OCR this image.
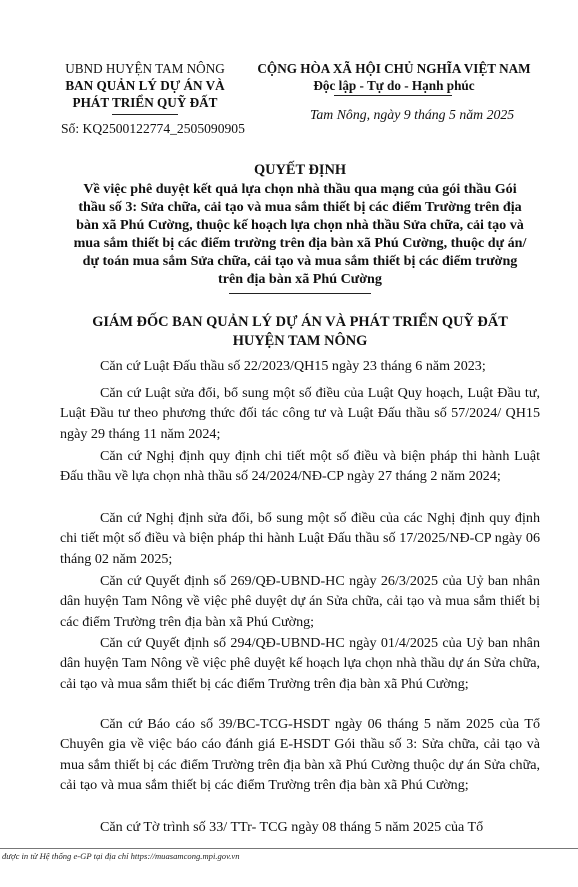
UBND HUYỆN TAM NÔNG
BAN QUẢN LÝ DỰ ÁN VÀ
PHÁT TRIỂN QUỸ ĐẤT
Số: KQ2500122774_2505090905
CỘNG HÒA XÃ HỘI CHỦ NGHĨA VIỆT NAM
Độc lập - Tự do - Hạnh phúc
Tam Nông, ngày 9 tháng 5 năm 2025
QUYẾT ĐỊNH
Về việc phê duyệt kết quả lựa chọn nhà thầu qua mạng của gói thầu Gói
thầu số 3: Sửa chữa, cải tạo và mua sắm thiết bị các điểm Trường trên địa
bàn xã Phú Cường, thuộc kế hoạch lựa chọn nhà thầu Sửa chữa, cải tạo và
mua sắm thiết bị các điểm trường trên địa bàn xã Phú Cường, thuộc dự án/
dự toán mua sắm Sửa chữa, cải tạo và mua sắm thiết bị các điểm trường
trên địa bàn xã Phú Cường
GIÁM ĐỐC BAN QUẢN LÝ DỰ ÁN VÀ PHÁT TRIỂN QUỸ ĐẤT
HUYỆN TAM NÔNG
Căn cứ Luật Đấu thầu số 22/2023/QH15 ngày 23 tháng 6 năm 2023;
Căn cứ Luật sửa đổi, bổ sung một số điều của Luật Quy hoạch, Luật Đầu tư, Luật Đầu tư theo phương thức đối tác công tư và Luật Đấu thầu số 57/2024/ QH15 ngày 29 tháng 11 năm 2024;
Căn cứ Nghị định quy định chi tiết một số điều và biện pháp thi hành Luật Đấu thầu về lựa chọn nhà thầu số 24/2024/NĐ-CP ngày 27 tháng 2 năm 2024;
Căn cứ Nghị định sửa đổi, bổ sung một số điều của các Nghị định quy định chi tiết một số điều và biện pháp thi hành Luật Đấu thầu số 17/2025/NĐ-CP ngày 06 tháng 02 năm 2025;
Căn cứ Quyết định số 269/QĐ-UBND-HC ngày 26/3/2025 của Uỷ ban nhân dân huyện Tam Nông về việc phê duyệt dự án Sửa chữa, cải tạo và mua sắm thiết bị các điểm Trường trên địa bàn xã Phú Cường;
Căn cứ Quyết định số 294/QĐ-UBND-HC ngày 01/4/2025 của Uỷ ban nhân dân huyện Tam Nông về việc phê duyệt kế hoạch lựa chọn nhà thầu dự án Sửa chữa, cải tạo và mua sắm thiết bị các điểm Trường trên địa bàn xã Phú Cường;
Căn cứ Báo cáo số 39/BC-TCG-HSDT ngày 06 tháng 5 năm 2025 của Tổ Chuyên gia về việc báo cáo đánh giá E-HSDT Gói thầu số 3: Sửa chữa, cải tạo và mua sắm thiết bị các điểm Trường trên địa bàn xã Phú Cường thuộc dự án Sửa chữa, cải tạo và mua sắm thiết bị các điểm Trường trên địa bàn xã Phú Cường;
Căn cứ Tờ trình số 33/ TTr- TCG ngày 08 tháng 5 năm 2025 của Tổ
được in từ Hệ thống e-GP tại địa chỉ https://muasamcong.mpi.gov.vn
